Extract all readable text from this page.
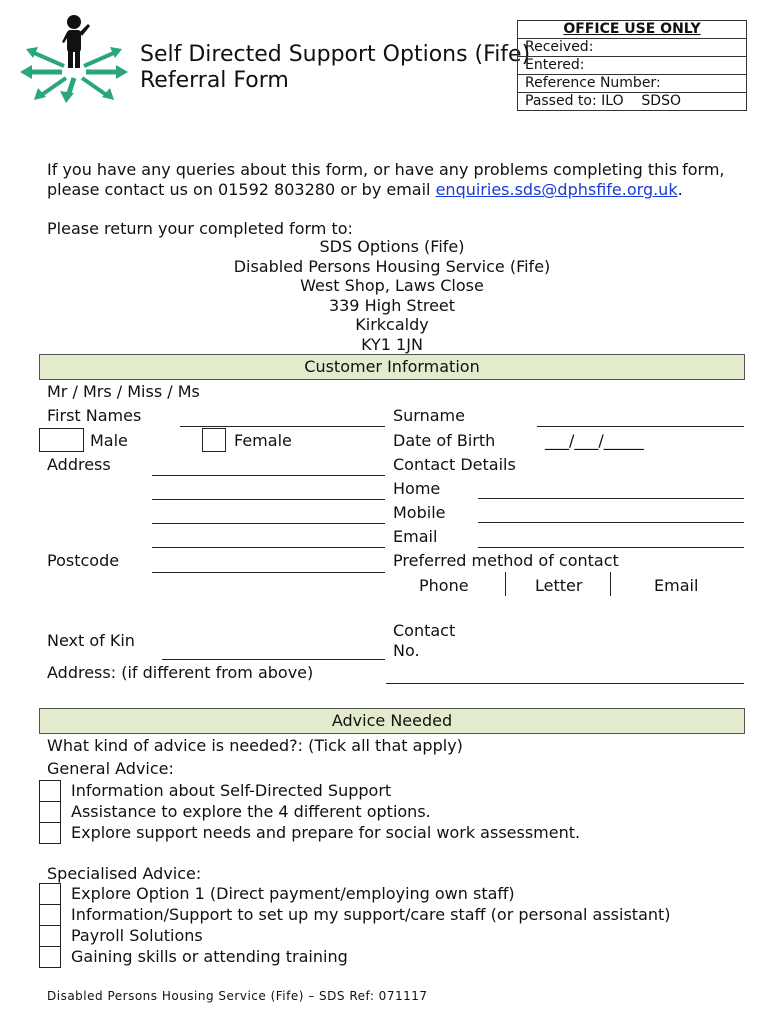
Self Directed Support Options (Fife)
Referral Form
OFFICE USE ONLY
Received:
Entered:
Reference Number:
Passed to: ILO    SDSO
If you have any queries about this form, or have any problems completing this form,
please contact us on 01592 803280 or by email enquiries.sds@dphsfife.org.uk.
Please return your completed form to:
SDS Options (Fife)
Disabled Persons Housing Service (Fife)
West Shop, Laws Close
339 High Street
Kirkcaldy
KY1 1JN
Customer Information
Mr / Mrs / Miss / Ms
First Names	Surname
Male	Female	Date of Birth	___/___/_____
Address	Contact Details
Home
Mobile
Email
Postcode	Preferred method of contact
Phone	Letter	Email
Next of Kin
Contact
No.
Address: (if different from above)
Advice Needed
What kind of advice is needed?: (Tick all that apply)
General Advice:
Information about Self-Directed Support
Assistance to explore the 4 different options.
Explore support needs and prepare for social work assessment.
Specialised Advice:
Explore Option 1 (Direct payment/employing own staff)
Information/Support to set up my support/care staff (or personal assistant)
Payroll Solutions
Gaining skills or attending training
Disabled Persons Housing Service (Fife) – SDS Ref: 071117
